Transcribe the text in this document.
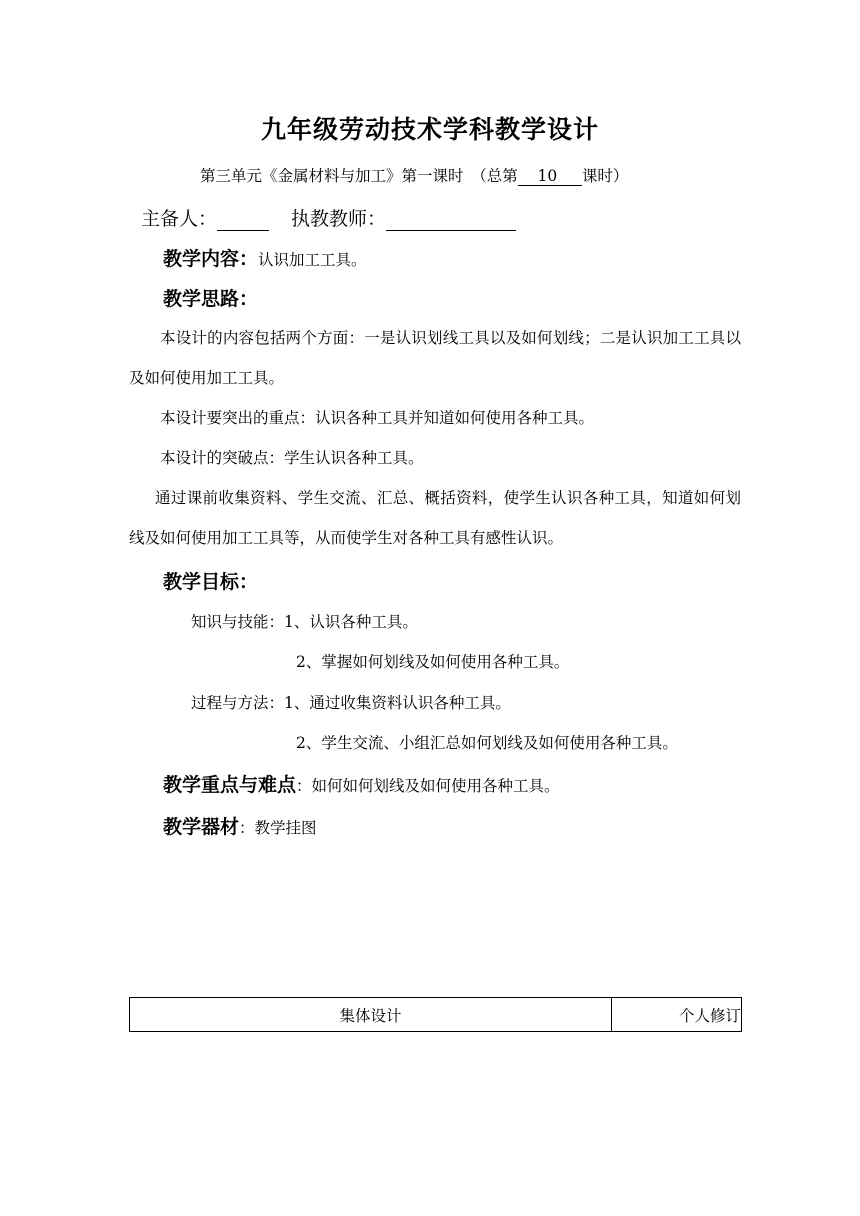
九年级劳动技术学科教学设计
第三单元《金属材料与加工》第一课时　（总第 10 课时）
主备人：	执教教师：
教学内容：认识加工工具。
教学思路：
本设计的内容包括两个方面：一是认识划线工具以及如何划线；二是认识加工工具以及如何使用加工工具。
本设计要突出的重点：认识各种工具并知道如何使用各种工具。
本设计的突破点：学生认识各种工具。
通过课前收集资料、学生交流、汇总、概括资料，使学生认识各种工具，知道如何划线及如何使用加工工具等，从而使学生对各种工具有感性认识。
教学目标：
知识与技能：1、认识各种工具。
2、掌握如何划线及如何使用各种工具。
过程与方法：1、通过收集资料认识各种工具。
2、学生交流、小组汇总如何划线及如何使用各种工具。
教学重点与难点：如何如何划线及如何使用各种工具。
教学器材：教学挂图
集体设计	个人修订
